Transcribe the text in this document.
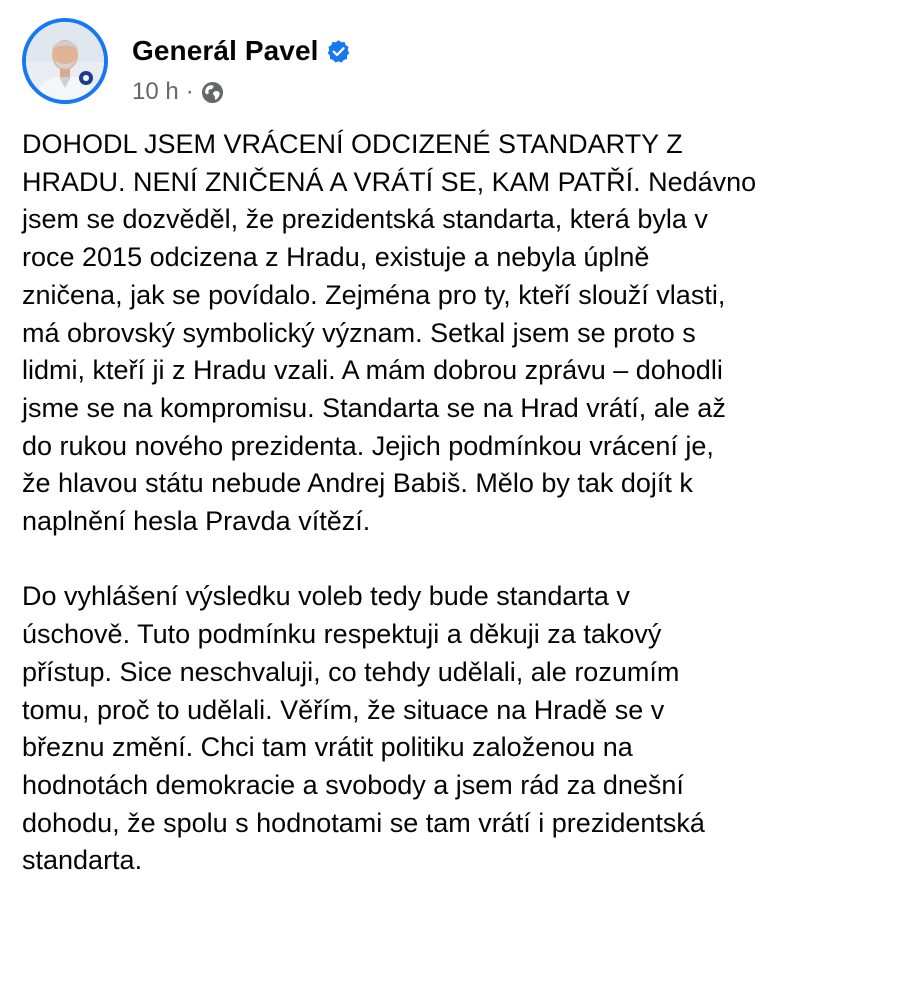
Generál Pavel
10 h ·

DOHODL JSEM VRÁCENÍ ODCIZENÉ STANDARTY Z
HRADU. NENÍ ZNIČENÁ A VRÁTÍ SE, KAM PATŘÍ. Nedávno
jsem se dozvěděl, že prezidentská standarta, která byla v
roce 2015 odcizena z Hradu, existuje a nebyla úplně
zničena, jak se povídalo. Zejména pro ty, kteří slouží vlasti,
má obrovský symbolický význam. Setkal jsem se proto s
lidmi, kteří ji z Hradu vzali. A mám dobrou zprávu – dohodli
jsme se na kompromisu. Standarta se na Hrad vrátí, ale až
do rukou nového prezidenta. Jejich podmínkou vrácení je,
že hlavou státu nebude Andrej Babiš. Mělo by tak dojít k
naplnění hesla Pravda vítězí.

Do vyhlášení výsledku voleb tedy bude standarta v
úschově. Tuto podmínku respektuji a děkuji za takový
přístup. Sice neschvaluji, co tehdy udělali, ale rozumím
tomu, proč to udělali. Věřím, že situace na Hradě se v
březnu změní. Chci tam vrátit politiku založenou na
hodnotách demokracie a svobody a jsem rád za dnešní
dohodu, že spolu s hodnotami se tam vrátí i prezidentská
standarta.
